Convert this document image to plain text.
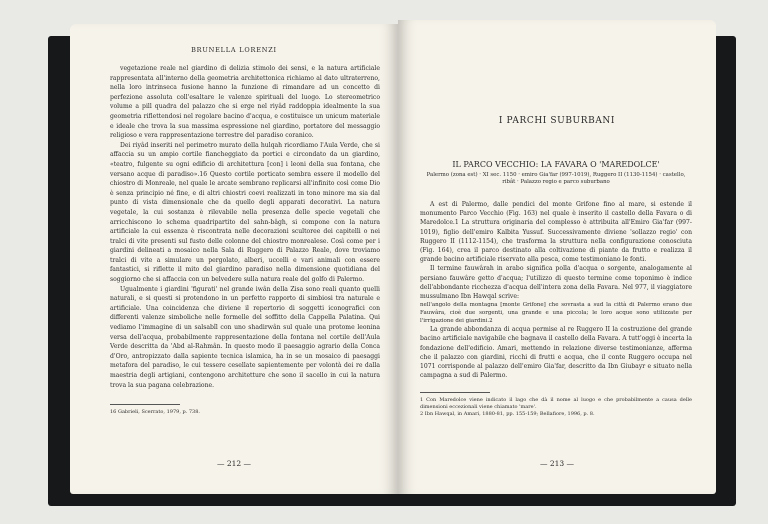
BRUNELLA LORENZI

vegetazione reale nel giardino di delizia stimolo dei sensi, e la natura artificiale rappresentata all'interno della geometria architettonica richiamo al dato ultraterreno, nella loro intrinseca fusione hanno la funzione di rimandare ad un concetto di perfezione assoluta coll'esaltare le valenze spirituali del luogo. Lo stereometrico volume a pill quadra del palazzo che si erge nel riyâd raddoppia idealmente la sua geometria riflettendosi nel regolare bacino d'acqua, e costituisce un unicum materiale e ideale che trova la sua massima espressione nel giardino, portatore del messaggio religioso e vera rappresentazione terrestre del paradiso coranico.

Dei riyâd inseriti nel perimetro murato della hulqah ricordiamo l'Aula Verde, che si affaccia su un ampio cortile fiancheggiato da portici e circondato da un giardino, «teatro, fulgente su ogni edificio di architettura [con] i leoni della sua fontana, che versano acque di paradiso».16 Questo cortile porticato sembra essere il modello del chiostro di Monreale, nel quale le arcate sembrano replicarsi all'infinito così come Dio è senza principio né fine, e di altri chiostri coevi realizzati in tono minore ma sia dal punto di vista dimensionale che da quello degli apparati decorativi. La natura vegetale, la cui sostanza è rilevabile nella presenza delle specie vegetali che arricchiscono lo schema quadripartito del sahn-bâgh, si compone con la natura artificiale la cui essenza è riscontrata nelle decorazioni scultoree dei capitelli o nei tralci di vite presenti sul fusto delle colonne del chiostro monrealese. Così come per i giardini delineati a mosaico nella Sala di Ruggero di Palazzo Reale, dove troviamo tralci di vite a simulare un pergolato, alberi, uccelli e vari animali con essere fantastici, si riflette il mito del giardino paradiso nella dimensione quotidiana del soggiorno che si affaccia con un belvedere sulla natura reale del golfo di Palermo.

Ugualmente i giardini 'figurati' nel grande iwân della Zisa sono reali quanto quelli naturali, e si questi si protendono in un perfetto rapporto di simbiosi tra naturale e artificiale. Una coincidenza che diviene il repertorio di soggetti iconografici con differenti valenze simboliche nelle formelle del soffitto della Cappella Palatina. Qui vediamo l'immagine di un salsabîl con uno shadirwân sul quale una protome leonina versa dell'acqua, probabilmente rappresentazione della fontana nel cortile dell'Aula Verde descritta da 'Abd al-Rahmân. In questo modo il paesaggio agrario della Conca d'Oro, antropizzato dalla sapiente tecnica islamica, ha in se un mosaico di paesaggi metafora del paradiso, le cui tessere cesellate sapientemente per volontà dei re dalla maestria degli artigiani, contengono architetture che sono il sacello in cui la natura trova la sua pagana celebrazione.

16 Gabrieli, Scerrato, 1979, p. 738.
— 212 —
I PARCHI SUBURBANI
IL PARCO VECCHIO: LA FAVARA O 'MAREDOLCE'
Palermo (zona est) · XI sec. 1150 · emiro Gia'far (997-1019), Ruggero II (1130-1154) · castello, ribât · Palazzo regio e parco suburbano

A est di Palermo, dalle pendici del monte Grifone fino al mare, si estende il monumento Parco Vecchio (Fig. 163) nel quale è inserito il castello della Favara o di Maredolce.1 La struttura originaria del complesso è attribuita all'Emiro Gia'far (997-1019), figlio dell'emiro Kalbita Yussuf. Successivamente diviene 'sollazzo regio' con Ruggero II (1112-1154), che trasforma la struttura nella configurazione conosciuta (Fig. 164), crea il parco destinato alla coltivazione di piante da frutto e realizza il grande bacino artificiale riservato alla pesca, come testimoniano le fonti.

Il termine fauwârah in arabo significa polla d'acqua o sorgente, analogamente al persiano fauwâre getto d'acqua; l'utilizzo di questo termine come toponimo è indice dell'abbondante ricchezza d'acqua dell'intera zona della Favara. Nel 977, il viaggiatore mussulmano Ibn Hawqal scrive:

nell'angolo della montagna [monte Grifone] che sovrasta a sud la città di Palermo erano due Fauwâra, cioè due sorgenti, una grande e una piccola; le loro acque sono utilizzate per l'irrigazione dei giardini.2

La grande abbondanza di acqua permise al re Ruggero II la costruzione del grande bacino artificiale navigabile che bagnava il castello della Favara. A tutt'oggi è incerta la fondazione dell'edificio. Amari, mettendo in relazione diverse testimonianze, afferma che il palazzo con giardini, ricchi di frutti e acqua, che il conte Ruggero occupa nel 1071 corrisponde al palazzo dell'emiro Gia'far, descritto da Ibn Giubayr e situato nella campagna a sud di Palermo.

1 Con Maredolce viene indicato il lago che dà il nome al luogo e che probabilmente a causa delle dimensioni eccezionali viene chiamato 'mare'.
2 Ibn Hawqal, in Amari, 1880-81, pp. 155-159; Bellafiore, 1996, p. 8.
— 213 —
